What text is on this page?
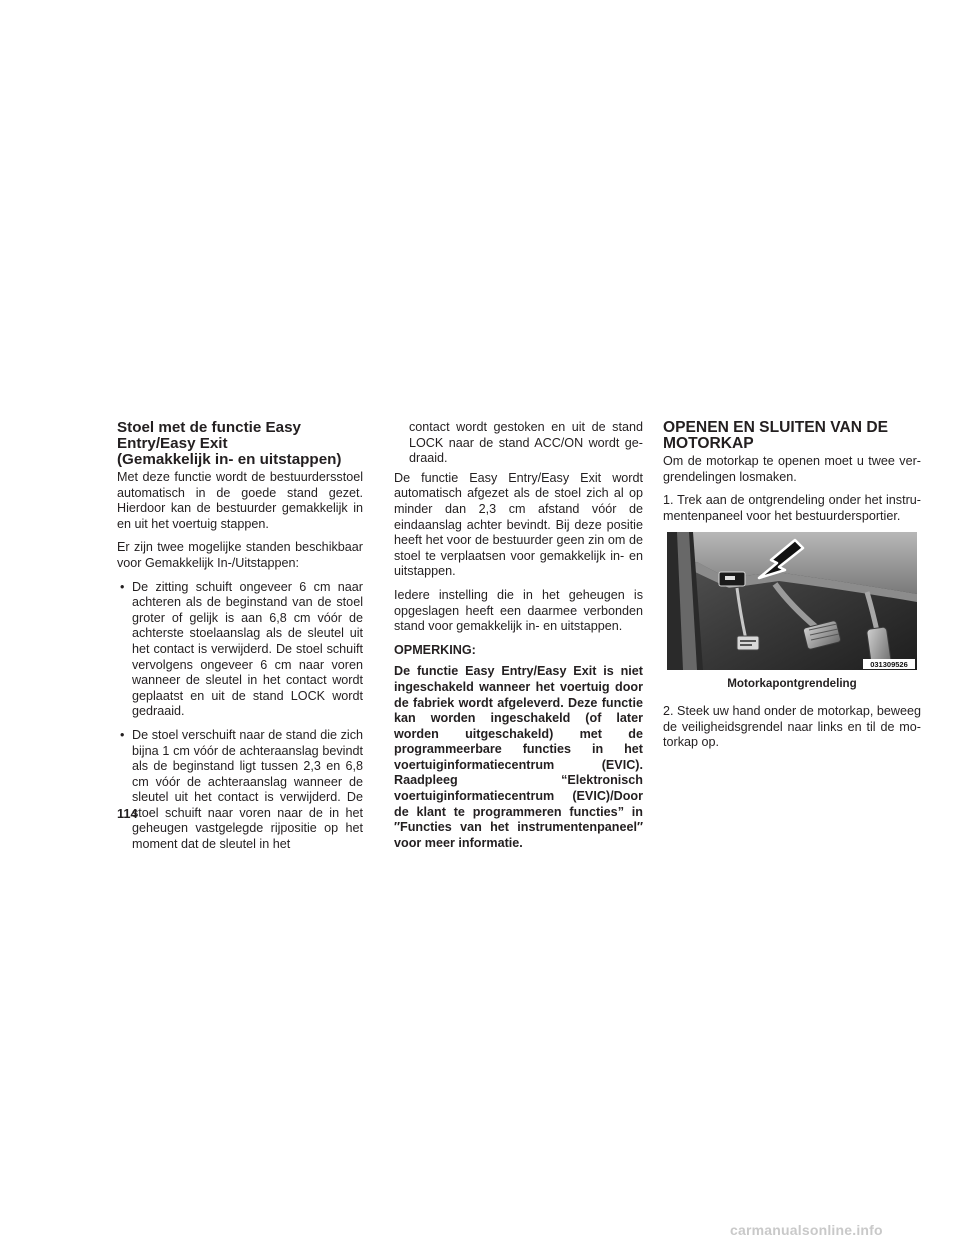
Stoel met de functie Easy
Entry/Easy Exit
(Gemakkelijk in- en uitstappen)

Met deze functie wordt de bestuurdersstoel automatisch in de goede stand gezet. Hierdoor kan de bestuurder gemakkelijk in en uit het voertuig stappen.

Er zijn twee mogelijke standen beschikbaar voor Gemakkelijk In-/Uitstappen:

• De zitting schuift ongeveer 6 cm naar achteren als de beginstand van de stoel groter of gelijk is aan 6,8 cm vóór de achterste stoelaanslag als de sleutel uit het contact is verwijderd. De stoel schuift vervolgens ongeveer 6 cm naar voren wanneer de sleutel in het contact wordt geplaatst en uit de stand LOCK wordt gedraaid.
• De stoel verschuift naar de stand die zich bijna 1 cm vóór de achteraanslag bevindt als de beginstand ligt tussen 2,3 en 6,8 cm vóór de achteraanslag wanneer de sleutel uit het contact is verwijderd. De stoel schuift naar voren naar de in het geheugen vastgelegde rijpositie op het moment dat de sleutel in het

contact wordt gestoken en uit de stand LOCK naar de stand ACC/ON wordt gedraaid.

De functie Easy Entry/Easy Exit wordt automatisch afgezet als de stoel zich al op minder dan 2,3 cm afstand vóór de eindaanslag achter bevindt. Bij deze positie heeft het voor de bestuurder geen zin om de stoel te verplaatsen voor gemakkelijk in- en uitstappen.

Iedere instelling die in het geheugen is opgeslagen heeft een daarmee verbonden stand voor gemakkelijk in- en uitstappen.

OPMERKING:

De functie Easy Entry/Easy Exit is niet ingeschakeld wanneer het voertuig door de fabriek wordt afgeleverd. Deze functie kan worden ingeschakeld (of later worden uitgeschakeld) met de programmeerbare functies in het voertuiginformatiecentrum (EVIC). Raadpleeg “Elektronisch voertuiginformatiecentrum (EVIC)/Door de klant te programmeren functies” in ″Functies van het instrumentenpaneel″ voor meer informatie.

OPENEN EN SLUITEN VAN DE
MOTORKAP

Om de motorkap te openen moet u twee vergrendelingen losmaken.

1. Trek aan de ontgrendeling onder het instrumentenpaneel voor het bestuurdersportier.

031309526
Motorkapontgrendeling

2. Steek uw hand onder de motorkap, beweeg de veiligheidsgrendel naar links en til de motorkap op.

114
carmanualsonline.info
